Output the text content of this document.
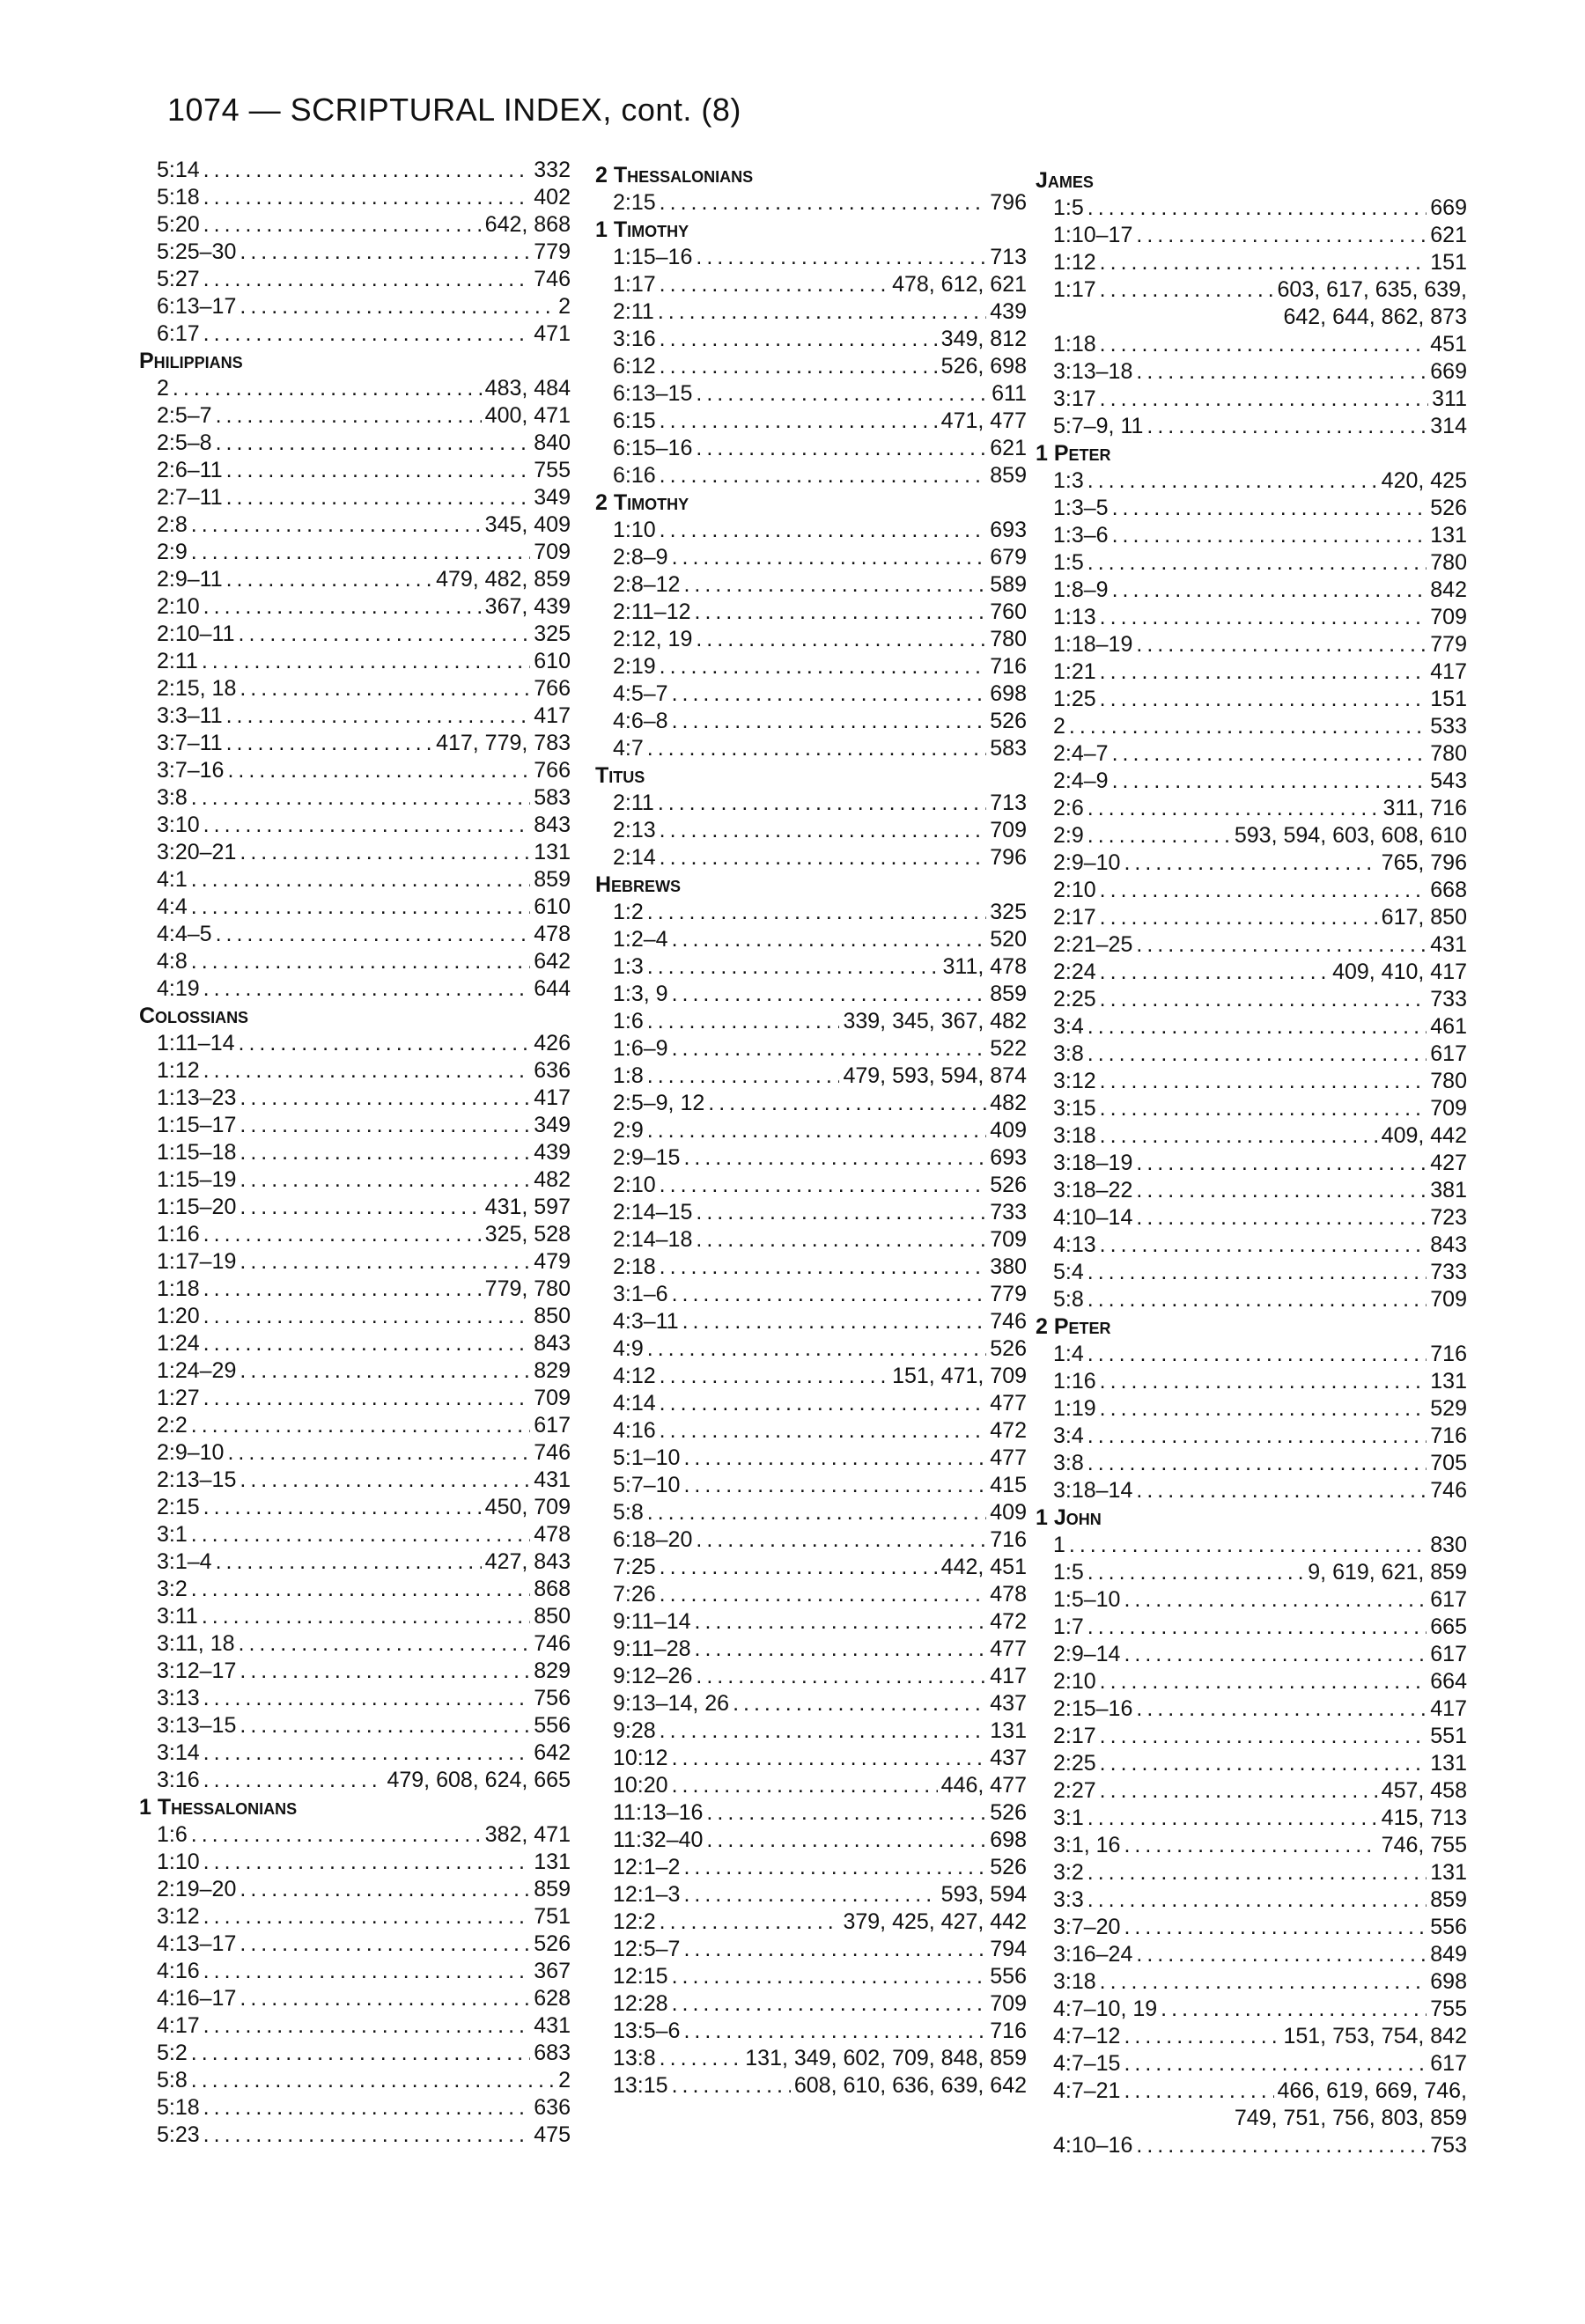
1074 — SCRIPTURAL INDEX, cont. (8)
5:14 .....	332
5:18 .....	402
5:20 .....	642, 868
5:25–30 .....	779
5:27 .....	746
6:13–17 .....	2
6:17 .....	471
Philippians
2 .....	483, 484
2:5–7 .....	400, 471
2:5–8 .....	840
2:6–11 .....	755
2:7–11 .....	349
2:8 .....	345, 409
2:9 .....	709
2:9–11 .....	479, 482, 859
2:10 .....	367, 439
2:10–11 .....	325
2:11 .....	610
2:15, 18 .....	766
3:3–11 .....	417
3:7–11 .....	417, 779, 783
3:7–16 .....	766
3:8 .....	583
3:10 .....	843
3:20–21 .....	131
4:1 .....	859
4:4 .....	610
4:4–5 .....	478
4:8 .....	642
4:19 .....	644
Colossians
1:11–14 .....	426
1:12 .....	636
1:13–23 .....	417
1:15–17 .....	349
1:15–18 .....	439
1:15–19 .....	482
1:15–20 .....	431, 597
1:16 .....	325, 528
1:17–19 .....	479
1:18 .....	779, 780
1:20 .....	850
1:24 .....	843
1:24–29 .....	829
1:27 .....	709
2:2 .....	617
2:9–10 .....	746
2:13–15 .....	431
2:15 .....	450, 709
3:1 .....	478
3:1–4 .....	427, 843
3:2 .....	868
3:11 .....	850
3:11, 18 .....	746
3:12–17 .....	829
3:13 .....	756
3:13–15 .....	556
3:14 .....	642
3:16 .....	479, 608, 624, 665
1 Thessalonians
1:6 .....	382, 471
1:10 .....	131
2:19–20 .....	859
3:12 .....	751
4:13–17 .....	526
4:16 .....	367
4:16–17 .....	628
4:17 .....	431
5:2 .....	683
5:8 .....	2
5:18 .....	636
5:23 .....	475
2 Thessalonians
2:15 .....	796
1 Timothy
1:15–16 .....	713
1:17 .....	478, 612, 621
2:11 .....	439
3:16 .....	349, 812
6:12 .....	526, 698
6:13–15 .....	611
6:15 .....	471, 477
6:15–16 .....	621
6:16 .....	859
2 Timothy
1:10 .....	693
2:8–9 .....	679
2:8–12 .....	589
2:11–12 .....	760
2:12, 19 .....	780
2:19 .....	716
4:5–7 .....	698
4:6–8 .....	526
4:7 .....	583
Titus
2:11 .....	713
2:13 .....	709
2:14 .....	796
Hebrews
1:2 .....	325
1:2–4 .....	520
1:3 .....	311, 478
1:3, 9 .....	859
1:6 .....	339, 345, 367, 482
1:6–9 .....	522
1:8 .....	479, 593, 594, 874
2:5–9, 12 .....	482
2:9 .....	409
2:9–15 .....	693
2:10 .....	526
2:14–15 .....	733
2:14–18 .....	709
2:18 .....	380
3:1–6 .....	779
4:3–11 .....	746
4:9 .....	526
4:12 .....	151, 471, 709
4:14 .....	477
4:16 .....	472
5:1–10 .....	477
5:7–10 .....	415
5:8 .....	409
6:18–20 .....	716
7:25 .....	442, 451
7:26 .....	478
9:11–14 .....	472
9:11–28 .....	477
9:12–26 .....	417
9:13–14, 26 .....	437
9:28 .....	131
10:12 .....	437
10:20 .....	446, 477
11:13–16 .....	526
11:32–40 .....	698
12:1–2 .....	526
12:1–3 .....	593, 594
12:2 .....	379, 425, 427, 442
12:5–7 .....	794
12:15 .....	556
12:28 .....	709
13:5–6 .....	716
13:8 .....	131, 349, 602, 709, 848, 859
13:15 .....	608, 610, 636, 639, 642
James
1:5 .....	669
1:10–17 .....	621
1:12 .....	151
1:17 .....	603, 617, 635, 639,
642, 644, 862, 873
1:18 .....	451
3:13–18 .....	669
3:17 .....	311
5:7–9, 11 .....	314
1 Peter
1:3 .....	420, 425
1:3–5 .....	526
1:3–6 .....	131
1:5 .....	780
1:8–9 .....	842
1:13 .....	709
1:18–19 .....	779
1:21 .....	417
1:25 .....	151
2 .....	533
2:4–7 .....	780
2:4–9 .....	543
2:6 .....	311, 716
2:9 .....	593, 594, 603, 608, 610
2:9–10 .....	765, 796
2:10 .....	668
2:17 .....	617, 850
2:21–25 .....	431
2:24 .....	409, 410, 417
2:25 .....	733
3:4 .....	461
3:8 .....	617
3:12 .....	780
3:15 .....	709
3:18 .....	409, 442
3:18–19 .....	427
3:18–22 .....	381
4:10–14 .....	723
4:13 .....	843
5:4 .....	733
5:8 .....	709
2 Peter
1:4 .....	716
1:16 .....	131
1:19 .....	529
3:4 .....	716
3:8 .....	705
3:18–14 .....	746
1 John
1 .....	830
1:5 .....	9, 619, 621, 859
1:5–10 .....	617
1:7 .....	665
2:9–14 .....	617
2:10 .....	664
2:15–16 .....	417
2:17 .....	551
2:25 .....	131
2:27 .....	457, 458
3:1 .....	415, 713
3:1, 16 .....	746, 755
3:2 .....	131
3:3 .....	859
3:7–20 .....	556
3:16–24 .....	849
3:18 .....	698
4:7–10, 19 .....	755
4:7–12 .....	151, 753, 754, 842
4:7–15 .....	617
4:7–21 .....	466, 619, 669, 746,
749, 751, 756, 803, 859
4:10–16 .....	753
